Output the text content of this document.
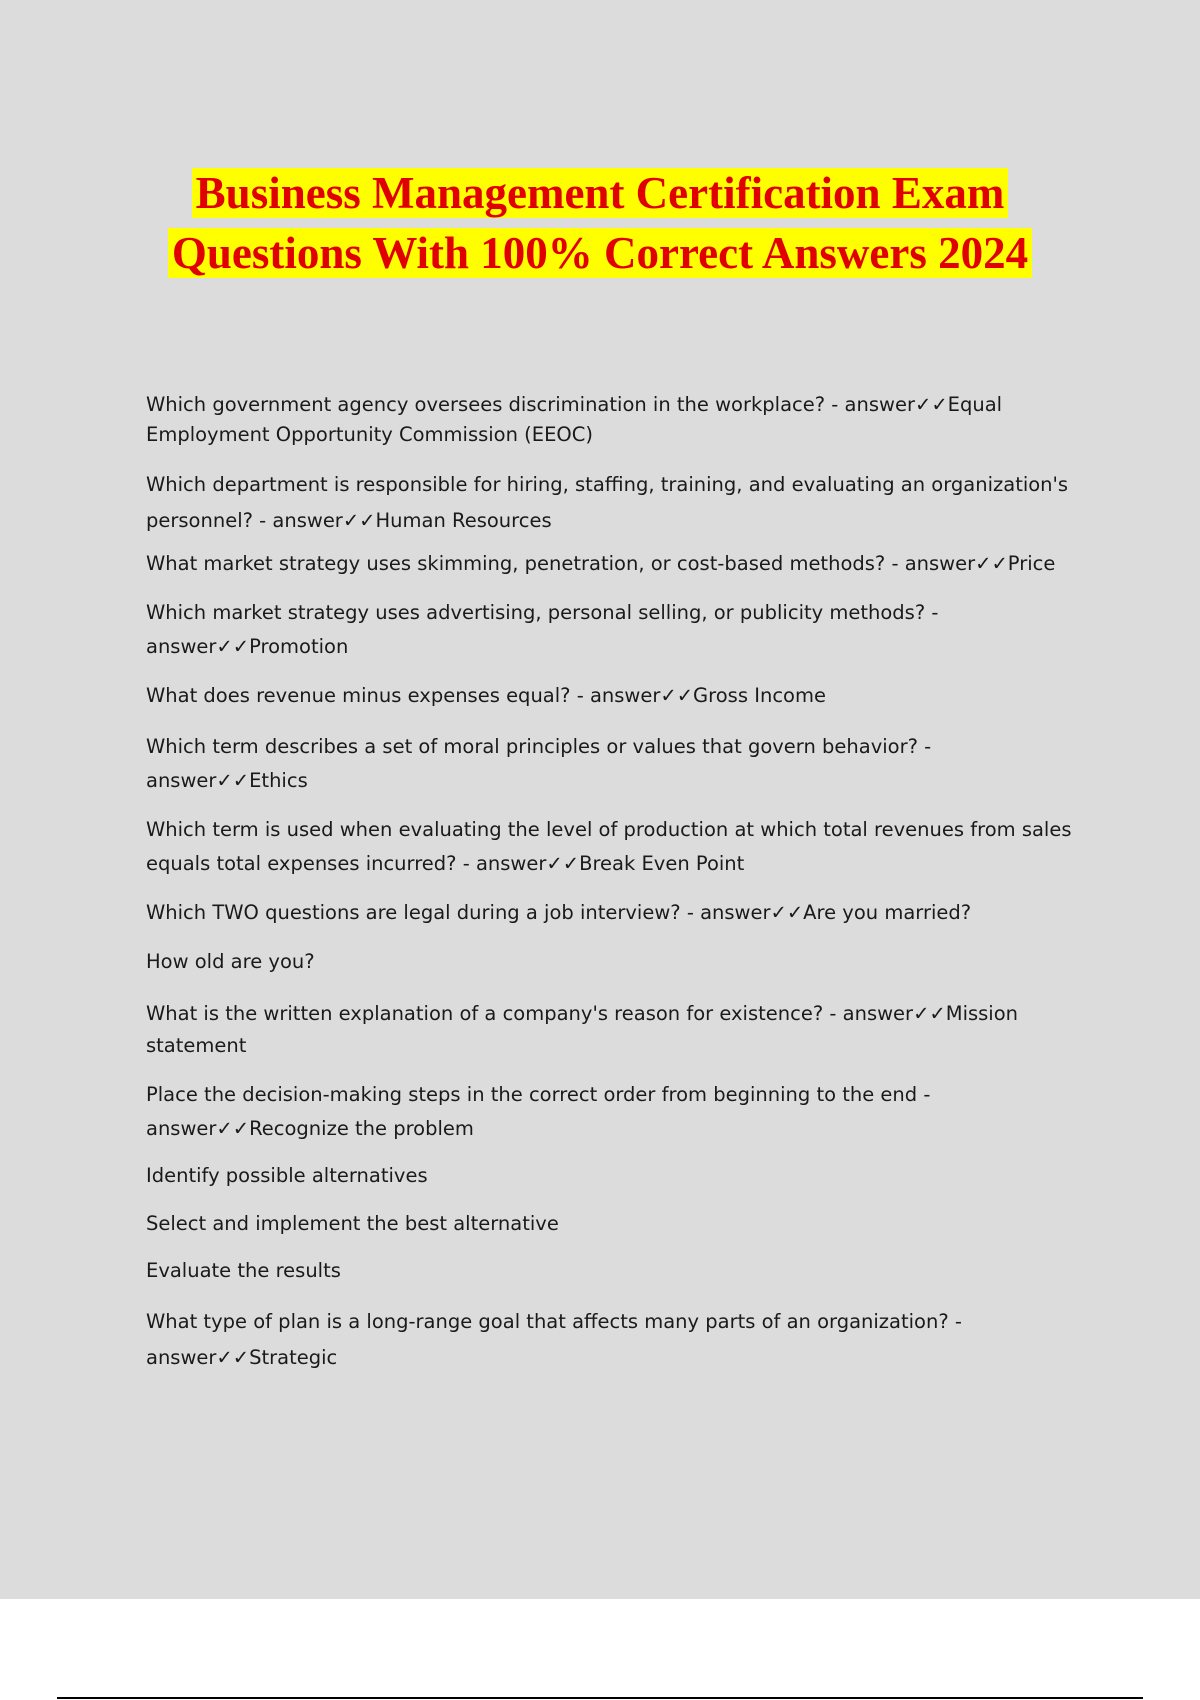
Business Management Certification Exam
Questions With 100% Correct Answers 2024

Which government agency oversees discrimination in the workplace? - answer✓✓Equal Employment Opportunity Commission (EEOC)

Which department is responsible for hiring, staffing, training, and evaluating an organization's personnel? - answer✓✓Human Resources

What market strategy uses skimming, penetration, or cost-based methods? - answer✓✓Price

Which market strategy uses advertising, personal selling, or publicity methods? - answer✓✓Promotion

What does revenue minus expenses equal? - answer✓✓Gross Income

Which term describes a set of moral principles or values that govern behavior? - answer✓✓Ethics

Which term is used when evaluating the level of production at which total revenues from sales equals total expenses incurred? - answer✓✓Break Even Point

Which TWO questions are legal during a job interview? - answer✓✓Are you married?

How old are you?

What is the written explanation of a company's reason for existence? - answer✓✓Mission statement

Place the decision-making steps in the correct order from beginning to the end - answer✓✓Recognize the problem

Identify possible alternatives

Select and implement the best alternative

Evaluate the results

What type of plan is a long-range goal that affects many parts of an organization? - answer✓✓Strategic
